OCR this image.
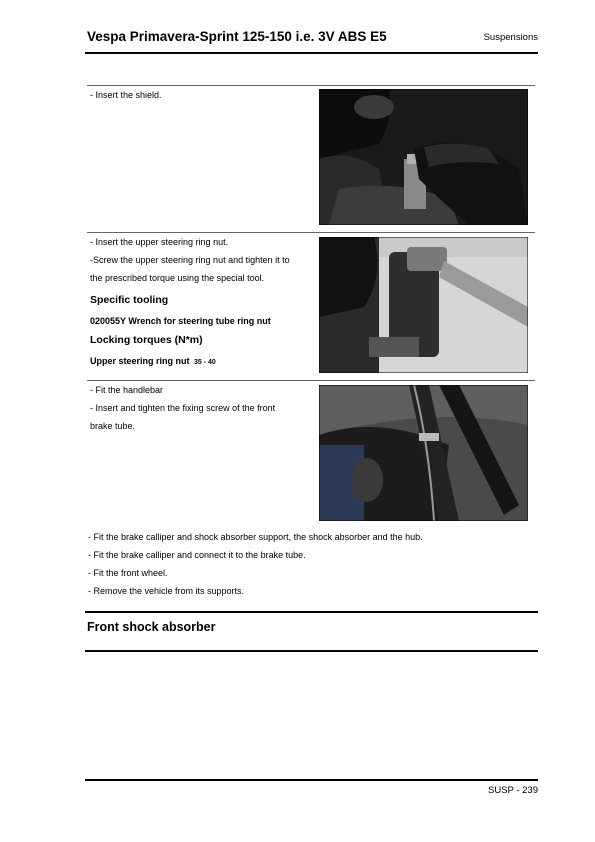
Vespa Primavera-Sprint 125-150 i.e. 3V ABS E5	Suspensions
- Insert the shield.
- Insert the upper steering ring nut.
-Screw the upper steering ring nut and tighten it to
the prescribed torque using the special tool.
Specific tooling
020055Y Wrench for steering tube ring nut
Locking torques (N*m)
Upper steering ring nut 35 - 40
- Fit the handlebar
- Insert and tighten the fixing screw of the front
brake tube.
- Fit the brake calliper and shock absorber support, the shock absorber and the hub.
- Fit the brake calliper and connect it to the brake tube.
- Fit the front wheel.
- Remove the vehicle from its supports.
Front shock absorber
SUSP - 239
